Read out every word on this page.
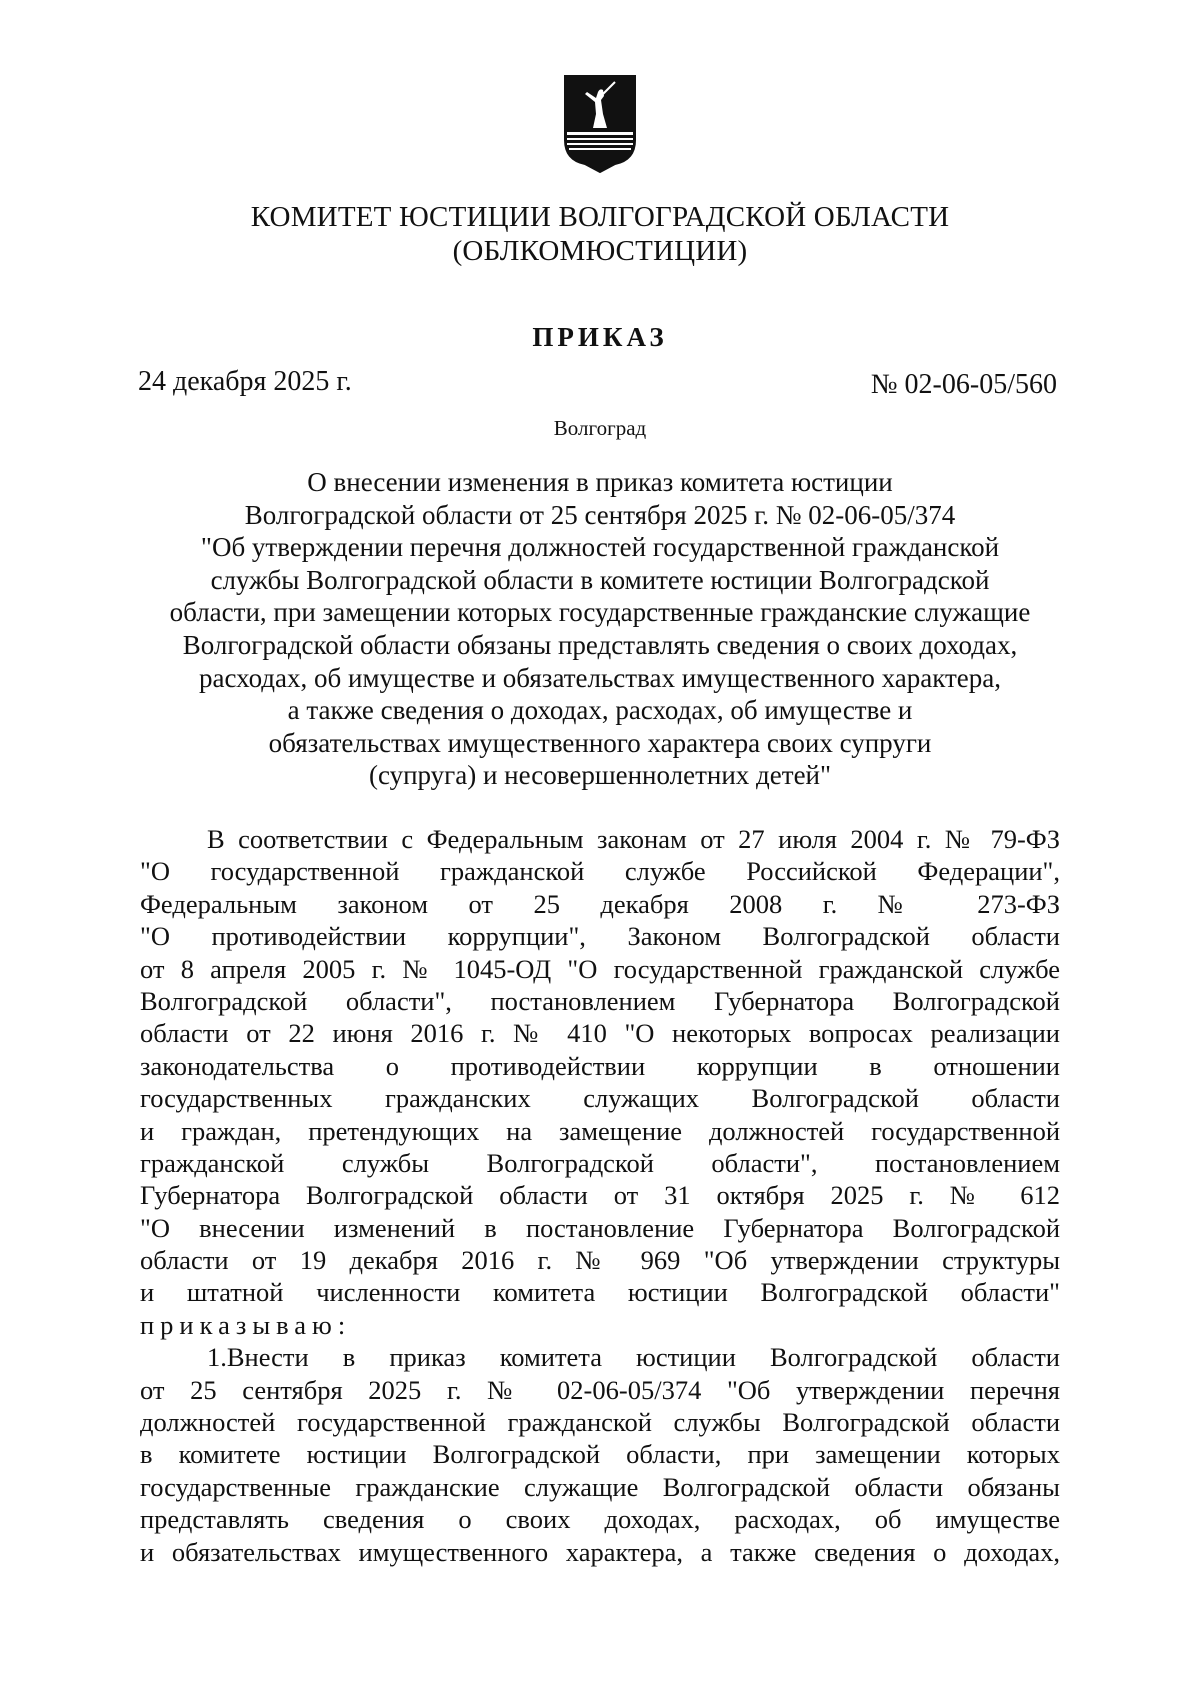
КОМИТЕТ ЮСТИЦИИ ВОЛГОГРАДСКОЙ ОБЛАСТИ
(ОБЛКОМЮСТИЦИИ)
ПРИКАЗ
24 декабря 2025 г.	№ 02-06-05/560
Волгоград
О внесении изменения в приказ комитета юстиции
Волгоградской области от 25 сентября 2025 г. № 02-06-05/374
"Об утверждении перечня должностей государственной гражданской
службы Волгоградской области в комитете юстиции Волгоградской
области, при замещении которых государственные гражданские служащие
Волгоградской области обязаны представлять сведения о своих доходах,
расходах, об имуществе и обязательствах имущественного характера,
а также сведения о доходах, расходах, об имуществе и
обязательствах имущественного характера своих супруги
(супруга) и несовершеннолетних детей"
В соответствии с Федеральным законам от 27 июля 2004 г. № 79-ФЗ
"О государственной гражданской службе Российской Федерации",
Федеральным законом от 25 декабря 2008 г. № 273-ФЗ
"О противодействии коррупции", Законом Волгоградской области
от 8 апреля 2005 г. № 1045-ОД "О государственной гражданской службе
Волгоградской области", постановлением Губернатора Волгоградской
области от 22 июня 2016 г. № 410 "О некоторых вопросах реализации
законодательства о противодействии коррупции в отношении
государственных гражданских служащих Волгоградской области
и граждан, претендующих на замещение должностей государственной
гражданской службы Волгоградской области", постановлением
Губернатора Волгоградской области от 31 октября 2025 г. № 612
"О внесении изменений в постановление Губернатора Волгоградской
области от 19 декабря 2016 г. № 969 "Об утверждении структуры
и штатной численности комитета юстиции Волгоградской области"
приказываю:
1.Внести в приказ комитета юстиции Волгоградской области
от 25 сентября 2025 г. № 02-06-05/374 "Об утверждении перечня
должностей государственной гражданской службы Волгоградской области
в комитете юстиции Волгоградской области, при замещении которых
государственные гражданские служащие Волгоградской области обязаны
представлять сведения о своих доходах, расходах, об имуществе
и обязательствах имущественного характера, а также сведения о доходах,
